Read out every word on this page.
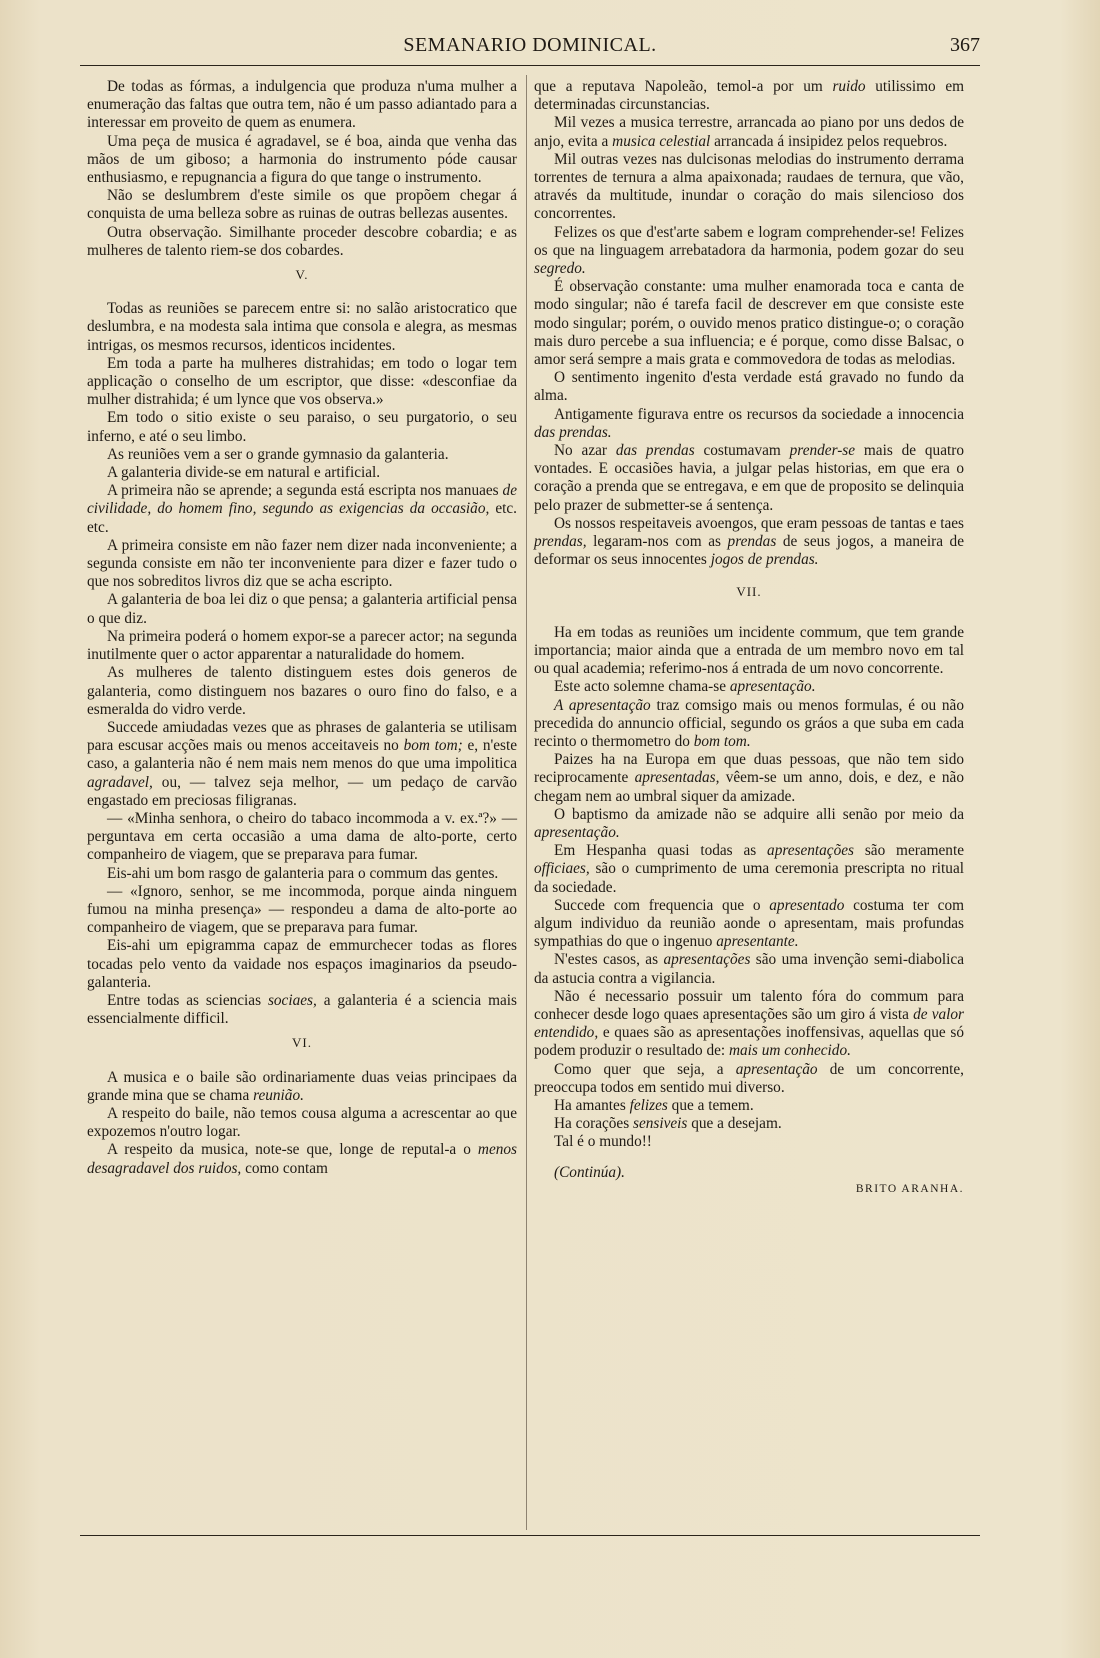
SEMANARIO DOMINICAL.	367

De todas as fórmas, a indulgencia que produza n'uma mulher a enumeração das faltas que outra tem, não é um passo adiantado para a interessar em proveito de quem as enumera.

Uma peça de musica é agradavel, se é boa, ainda que venha das mãos de um giboso; a harmonia do instrumento póde causar enthusiasmo, e repugnancia a figura do que tange o instrumento.

Não se deslumbrem d'este simile os que propõem chegar á conquista de uma belleza sobre as ruinas de outras bellezas ausentes.

Outra observação. Similhante proceder descobre cobardia; e as mulheres de talento riem-se dos cobardes.

V.

Todas as reuniões se parecem entre si: no salão aristocratico que deslumbra, e na modesta sala intima que consola e alegra, as mesmas intrigas, os mesmos recursos, identicos incidentes.

Em toda a parte ha mulheres distrahidas; em todo o logar tem applicação o conselho de um escriptor, que disse: «desconfiae da mulher distrahida; é um lynce que vos observa.»

Em todo o sitio existe o seu paraiso, o seu purgatorio, o seu inferno, e até o seu limbo.

As reuniões vem a ser o grande gymnasio da galanteria.

A galanteria divide-se em natural e artificial.

A primeira não se aprende; a segunda está escripta nos manuaes de civilidade, do homem fino, segundo as exigencias da occasião, etc. etc.

A primeira consiste em não fazer nem dizer nada inconveniente; a segunda consiste em não ter inconveniente para dizer e fazer tudo o que nos sobreditos livros diz que se acha escripto.

A galanteria de boa lei diz o que pensa; a galanteria artificial pensa o que diz.

Na primeira poderá o homem expor-se a parecer actor; na segunda inutilmente quer o actor apparentar a naturalidade do homem.

As mulheres de talento distinguem estes dois generos de galanteria, como distinguem nos bazares o ouro fino do falso, e a esmeralda do vidro verde.

Succede amiudadas vezes que as phrases de galanteria se utilisam para escusar acções mais ou menos acceitaveis no bom tom; e, n'este caso, a galanteria não é nem mais nem menos do que uma impolitica agradavel, ou, — talvez seja melhor, — um pedaço de carvão engastado em preciosas filigranas.

— «Minha senhora, o cheiro do tabaco incommoda a v. ex.ª?» — perguntava em certa occasião a uma dama de alto-porte, certo companheiro de viagem, que se preparava para fumar.

Eis-ahi um bom rasgo de galanteria para o commum das gentes.

— «Ignoro, senhor, se me incommoda, porque ainda ninguem fumou na minha presença» — respondeu a dama de alto-porte ao companheiro de viagem, que se preparava para fumar.

Eis-ahi um epigramma capaz de emmurchecer todas as flores tocadas pelo vento da vaidade nos espaços imaginarios da pseudo-galanteria.

Entre todas as sciencias sociaes, a galanteria é a sciencia mais essencialmente difficil.

VI.

A musica e o baile são ordinariamente duas veias principaes da grande mina que se chama reunião.

A respeito do baile, não temos cousa alguma a acrescentar ao que expozemos n'outro logar.

A respeito da musica, note-se que, longe de reputal-a o menos desagradavel dos ruidos, como contam

que a reputava Napoleão, temol-a por um ruido utilissimo em determinadas circunstancias.

Mil vezes a musica terrestre, arrancada ao piano por uns dedos de anjo, evita a musica celestial arrancada á insipidez pelos requebros.

Mil outras vezes nas dulcisonas melodias do instrumento derrama torrentes de ternura a alma apaixonada; raudaes de ternura, que vão, através da multitude, inundar o coração do mais silencioso dos concorrentes.

Felizes os que d'est'arte sabem e logram comprehender-se! Felizes os que na linguagem arrebatadora da harmonia, podem gozar do seu segredo.

É observação constante: uma mulher enamorada toca e canta de modo singular; não é tarefa facil de descrever em que consiste este modo singular; porém, o ouvido menos pratico distingue-o; o coração mais duro percebe a sua influencia; e é porque, como disse Balsac, o amor será sempre a mais grata e commovedora de todas as melodias.

O sentimento ingenito d'esta verdade está gravado no fundo da alma.

Antigamente figurava entre os recursos da sociedade a innocencia das prendas.

No azar das prendas costumavam prender-se mais de quatro vontades. E occasiões havia, a julgar pelas historias, em que era o coração a prenda que se entregava, e em que de proposito se delinquia pelo prazer de submetter-se á sentença.

Os nossos respeitaveis avoengos, que eram pessoas de tantas e taes prendas, legaram-nos com as prendas de seus jogos, a maneira de deformar os seus innocentes jogos de prendas.

VII.

Ha em todas as reuniões um incidente commum, que tem grande importancia; maior ainda que a entrada de um membro novo em tal ou qual academia; referimo-nos á entrada de um novo concorrente.

Este acto solemne chama-se apresentação.

A apresentação traz comsigo mais ou menos formulas, é ou não precedida do annuncio official, segundo os gráos a que suba em cada recinto o thermometro do bom tom.

Paizes ha na Europa em que duas pessoas, que não tem sido reciprocamente apresentadas, vêem-se um anno, dois, e dez, e não chegam nem ao umbral siquer da amizade.

O baptismo da amizade não se adquire alli senão por meio da apresentação.

Em Hespanha quasi todas as apresentações são meramente officiaes, são o cumprimento de uma ceremonia prescripta no ritual da sociedade.

Succede com frequencia que o apresentado costuma ter com algum individuo da reunião aonde o apresentam, mais profundas sympathias do que o ingenuo apresentante.

N'estes casos, as apresentações são uma invenção semi-diabolica da astucia contra a vigilancia.

Não é necessario possuir um talento fóra do commum para conhecer desde logo quaes apresentações são um giro á vista de valor entendido, e quaes são as apresentações inoffensivas, aquellas que só podem produzir o resultado de: mais um conhecido.

Como quer que seja, a apresentação de um concorrente, preoccupa todos em sentido mui diverso.

Ha amantes felizes que a temem.

Ha corações sensiveis que a desejam.

Tal é o mundo!!

(Continúa).

BRITO ARANHA.
